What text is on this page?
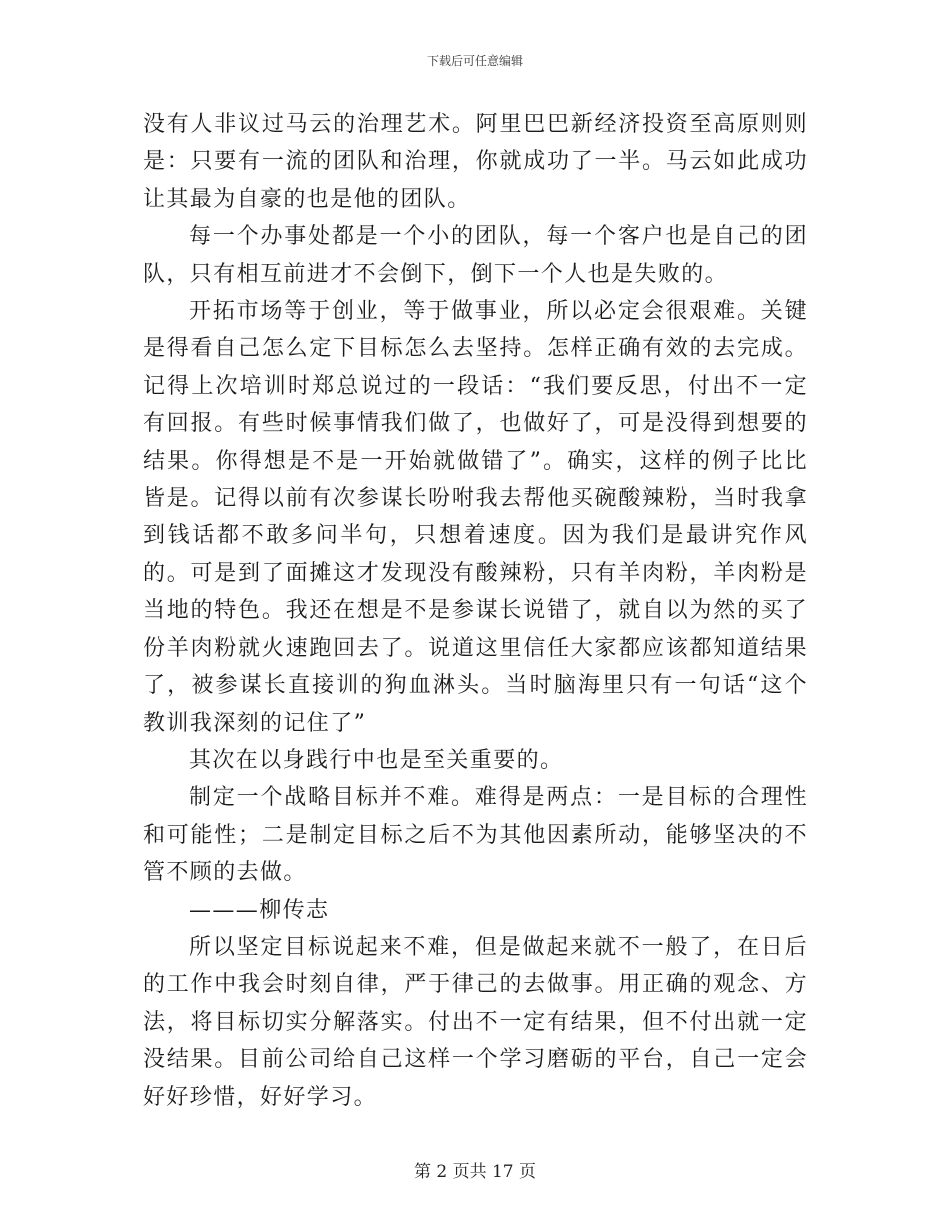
下载后可任意编辑

没有人非议过马云的治理艺术。阿里巴巴新经济投资至高原则则是：只要有一流的团队和治理，你就成功了一半。马云如此成功让其最为自豪的也是他的团队。

每一个办事处都是一个小的团队，每一个客户也是自己的团队，只有相互前进才不会倒下，倒下一个人也是失败的。

开拓市场等于创业，等于做事业，所以必定会很艰难。关键是得看自己怎么定下目标怎么去坚持。怎样正确有效的去完成。记得上次培训时郑总说过的一段话：“我们要反思，付出不一定有回报。有些时候事情我们做了，也做好了，可是没得到想要的结果。你得想是不是一开始就做错了”。确实，这样的例子比比皆是。记得以前有次参谋长吩咐我去帮他买碗酸辣粉，当时我拿到钱话都不敢多问半句，只想着速度。因为我们是最讲究作风的。可是到了面摊这才发现没有酸辣粉，只有羊肉粉，羊肉粉是当地的特色。我还在想是不是参谋长说错了，就自以为然的买了份羊肉粉就火速跑回去了。说道这里信任大家都应该都知道结果了，被参谋长直接训的狗血淋头。当时脑海里只有一句话“这个教训我深刻的记住了”

其次在以身践行中也是至关重要的。

制定一个战略目标并不难。难得是两点：一是目标的合理性和可能性；二是制定目标之后不为其他因素所动，能够坚决的不管不顾的去做。

———柳传志

所以坚定目标说起来不难，但是做起来就不一般了，在日后的工作中我会时刻自律，严于律己的去做事。用正确的观念、方法，将目标切实分解落实。付出不一定有结果，但不付出就一定没结果。目前公司给自己这样一个学习磨砺的平台，自己一定会好好珍惜，好好学习。

第 2 页共 17 页
